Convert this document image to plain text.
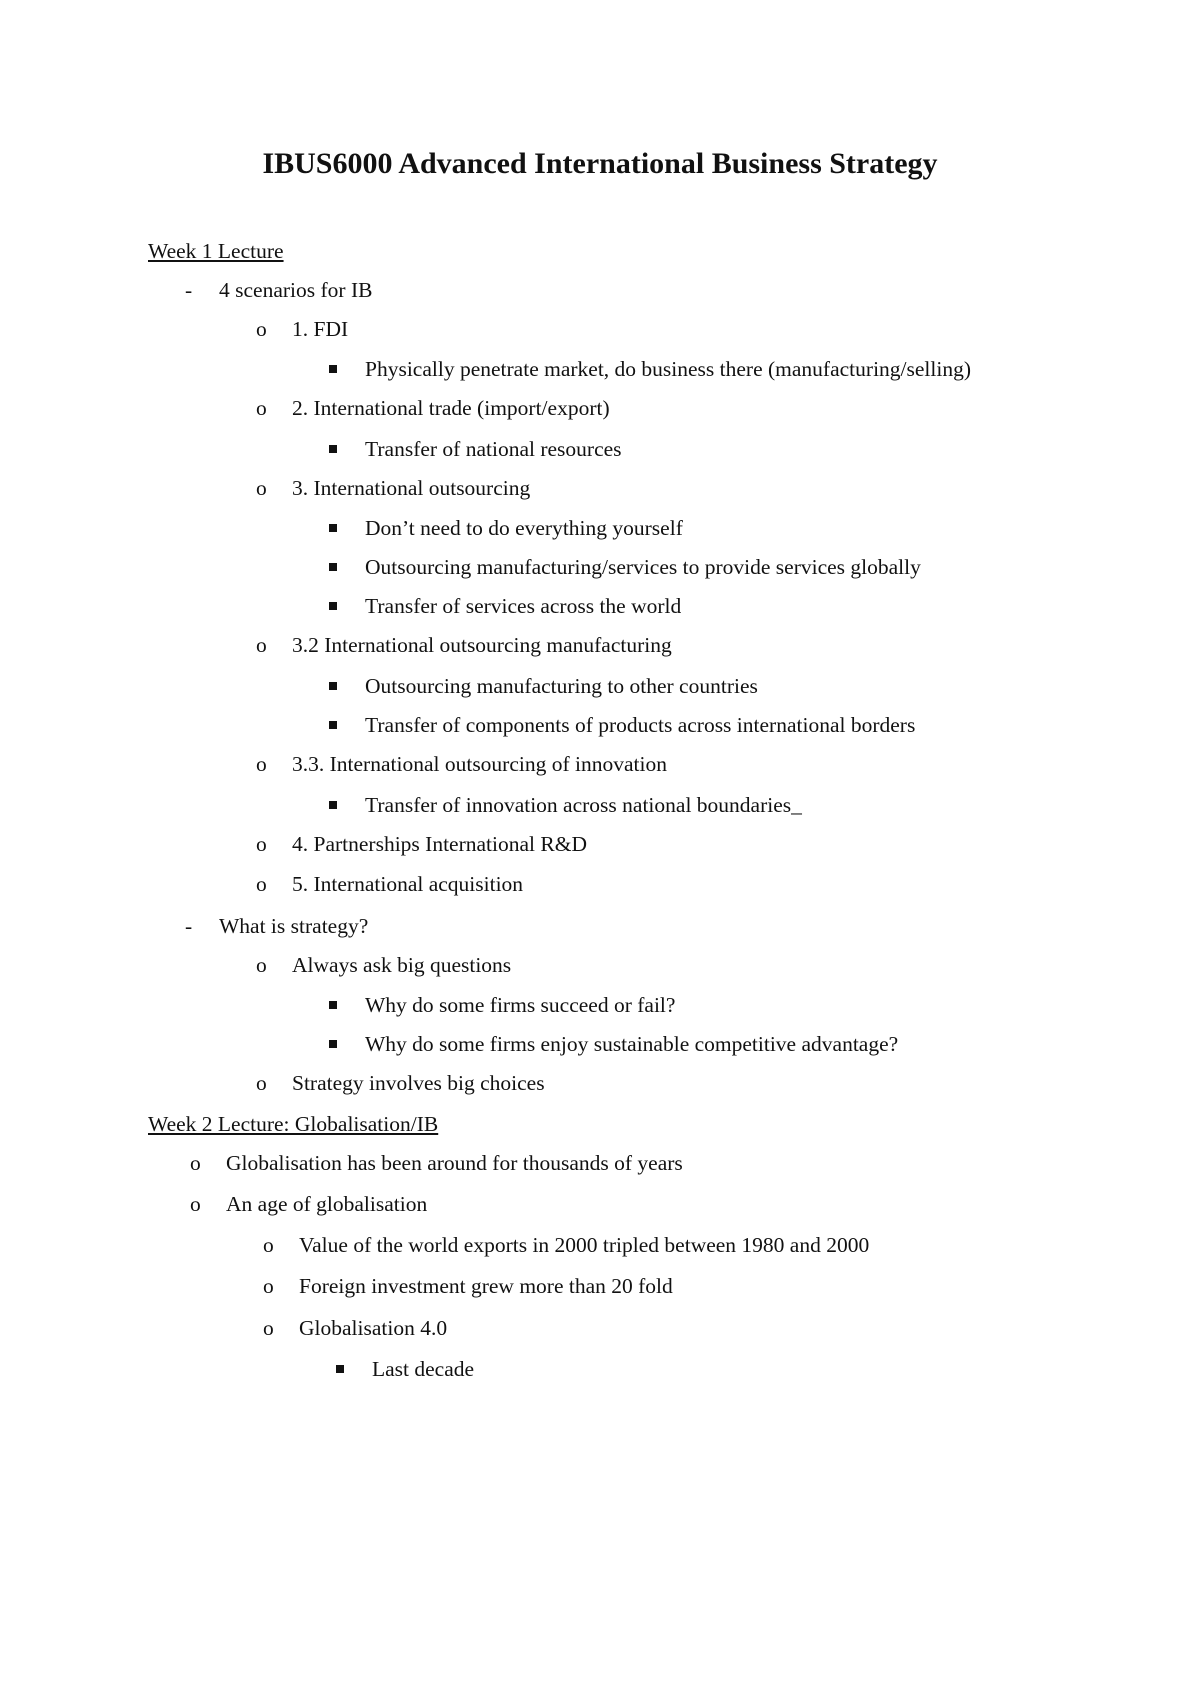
IBUS6000 Advanced International Business Strategy
Week 1 Lecture
-	4 scenarios for IB
o	1. FDI
Physically penetrate market, do business there (manufacturing/selling)
o	2. International trade (import/export)
Transfer of national resources
o	3. International outsourcing
Don’t need to do everything yourself
Outsourcing manufacturing/services to provide services globally
Transfer of services across the world
o	3.2 International outsourcing manufacturing
Outsourcing manufacturing to other countries
Transfer of components of products across international borders
o	3.3. International outsourcing of innovation
Transfer of innovation across national boundaries_
o	4. Partnerships International R&D
o	5. International acquisition
-	What is strategy?
o	Always ask big questions
Why do some firms succeed or fail?
Why do some firms enjoy sustainable competitive advantage?
o	Strategy involves big choices
Week 2 Lecture: Globalisation/IB
o	Globalisation has been around for thousands of years
o	An age of globalisation
o	Value of the world exports in 2000 tripled between 1980 and 2000
o	Foreign investment grew more than 20 fold
o	Globalisation 4.0
Last decade
